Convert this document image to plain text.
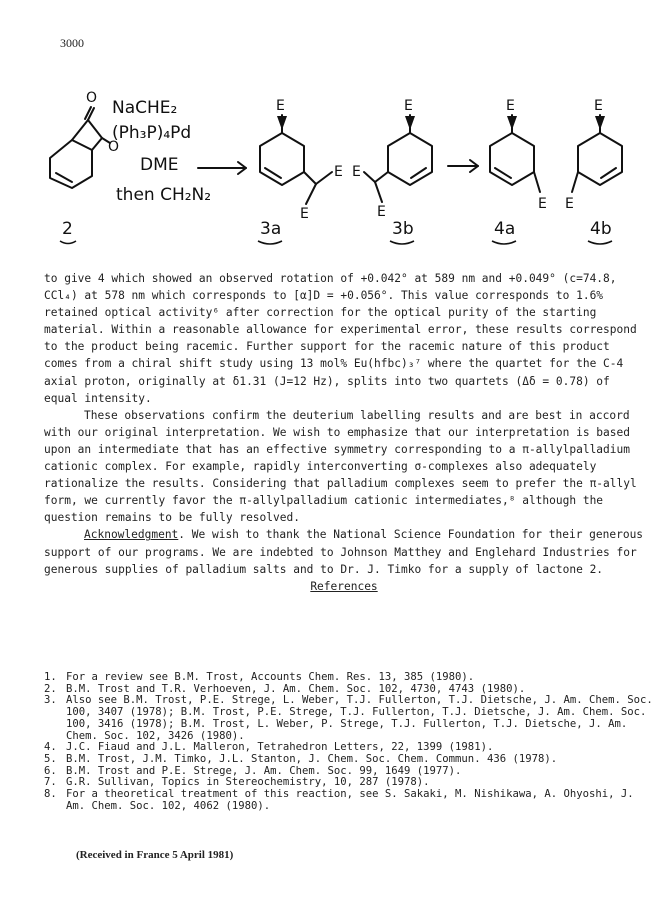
3000
NaCHE₂
(Ph₃P)₄Pd
DME
then CH₂N₂
O
O
E
E
E
E
E
E
E
E
E
E
2	3a	3b	4a	4b

to give 4 which showed an observed rotation of +0.042° at 589 nm and +0.049° (c=74.8, CCl₄) at 578 nm which corresponds to [α]D = +0.056°. This value corresponds to 1.6% retained optical activity⁶ after correction for the optical purity of the starting material. Within a reasonable allowance for experimental error, these results correspond to the product being racemic. Further support for the racemic nature of this product comes from a chiral shift study using 13 mol% Eu(hfbc)₃⁷ where the quartet for the C-4 axial proton, originally at δ1.31 (J=12 Hz), splits into two quartets (Δδ = 0.78) of equal intensity.

These observations confirm the deuterium labelling results and are best in accord with our original interpretation. We wish to emphasize that our interpretation is based upon an intermediate that has an effective symmetry corresponding to a π-allylpalladium cationic complex. For example, rapidly interconverting σ-complexes also adequately rationalize the results. Considering that palladium complexes seem to prefer the π-allyl form, we currently favor the π-allylpalladium cationic intermediates,⁸ although the question remains to be fully resolved.

Acknowledgment. We wish to thank the National Science Foundation for their generous support of our programs. We are indebted to Johnson Matthey and Englehard Industries for generous supplies of palladium salts and to Dr. J. Timko for a supply of lactone 2.

References

1. For a review see B.M. Trost, Accounts Chem. Res. 13, 385 (1980).
2. B.M. Trost and T.R. Verhoeven, J. Am. Chem. Soc. 102, 4730, 4743 (1980).
3. Also see B.M. Trost, P.E. Strege, L. Weber, T.J. Fullerton, T.J. Dietsche, J. Am. Chem. Soc. 100, 3407 (1978); B.M. Trost, P.E. Strege, T.J. Fullerton, T.J. Dietsche, J. Am. Chem. Soc. 100, 3416 (1978); B.M. Trost, L. Weber, P. Strege, T.J. Fullerton, T.J. Dietsche, J. Am. Chem. Soc. 102, 3426 (1980).
4. J.C. Fiaud and J.L. Malleron, Tetrahedron Letters, 22, 1399 (1981).
5. B.M. Trost, J.M. Timko, J.L. Stanton, J. Chem. Soc. Chem. Commun. 436 (1978).
6. B.M. Trost and P.E. Strege, J. Am. Chem. Soc. 99, 1649 (1977).
7. G.R. Sullivan, Topics in Stereochemistry, 10, 287 (1978).
8. For a theoretical treatment of this reaction, see S. Sakaki, M. Nishikawa, A. Ohyoshi, J. Am. Chem. Soc. 102, 4062 (1980).
(Received in France 5 April 1981)
